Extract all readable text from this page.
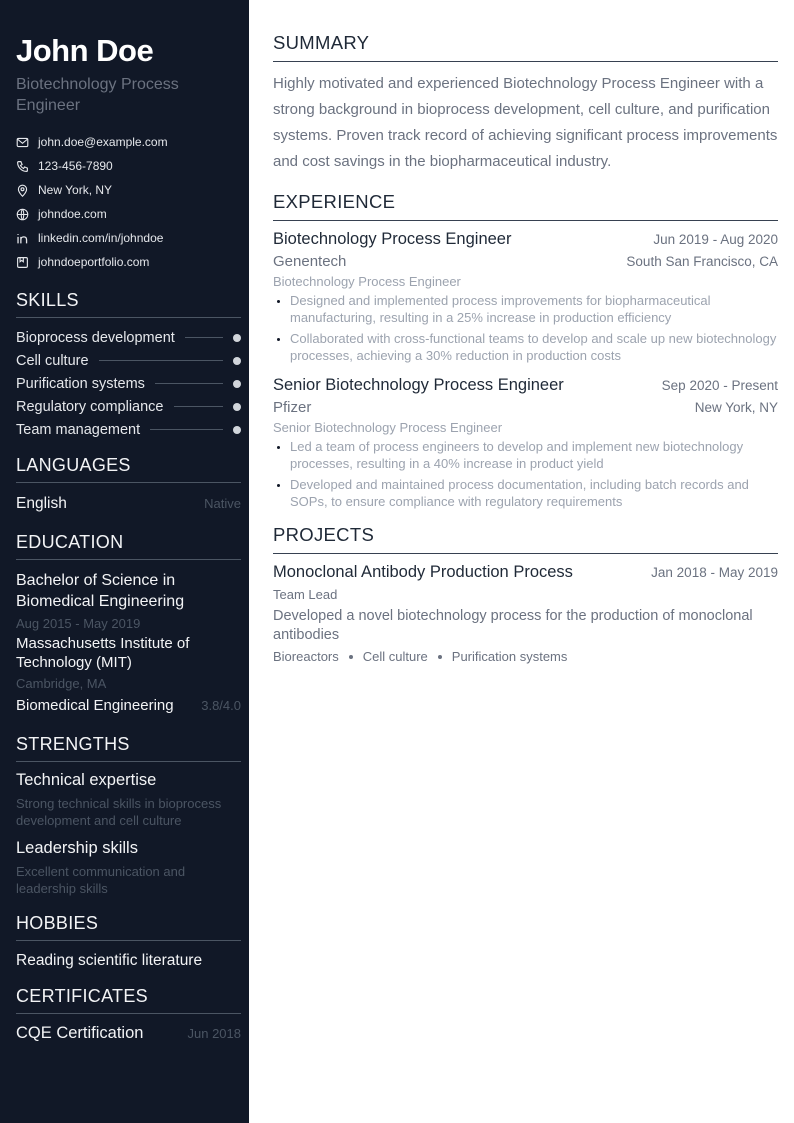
John Doe
Biotechnology Process Engineer
john.doe@example.com
123-456-7890
New York, NY
johndoe.com
linkedin.com/in/johndoe
johndoeportfolio.com
SKILLS
Bioprocess development
Cell culture
Purification systems
Regulatory compliance
Team management
LANGUAGES
English	Native
EDUCATION
Bachelor of Science in Biomedical Engineering
Aug 2015 - May 2019
Massachusetts Institute of Technology (MIT)
Cambridge, MA
Biomedical Engineering 3.8/4.0
STRENGTHS
Technical expertise
Strong technical skills in bioprocess development and cell culture
Leadership skills
Excellent communication and leadership skills
HOBBIES
Reading scientific literature
CERTIFICATES
CQE Certification	Jun 2018
SUMMARY
Highly motivated and experienced Biotechnology Process Engineer with a strong background in bioprocess development, cell culture, and purification systems. Proven track record of achieving significant process improvements and cost savings in the biopharmaceutical industry.
EXPERIENCE
Biotechnology Process Engineer	Jun 2019 - Aug 2020
Genentech	South San Francisco, CA
Biotechnology Process Engineer
• Designed and implemented process improvements for biopharmaceutical manufacturing, resulting in a 25% increase in production efficiency
• Collaborated with cross-functional teams to develop and scale up new biotechnology processes, achieving a 30% reduction in production costs
Senior Biotechnology Process Engineer	Sep 2020 - Present
Pfizer	New York, NY
Senior Biotechnology Process Engineer
• Led a team of process engineers to develop and implement new biotechnology processes, resulting in a 40% increase in product yield
• Developed and maintained process documentation, including batch records and SOPs, to ensure compliance with regulatory requirements
PROJECTS
Monoclonal Antibody Production Process	Jan 2018 - May 2019
Team Lead
Developed a novel biotechnology process for the production of monoclonal antibodies
Bioreactors Cell culture Purification systems
